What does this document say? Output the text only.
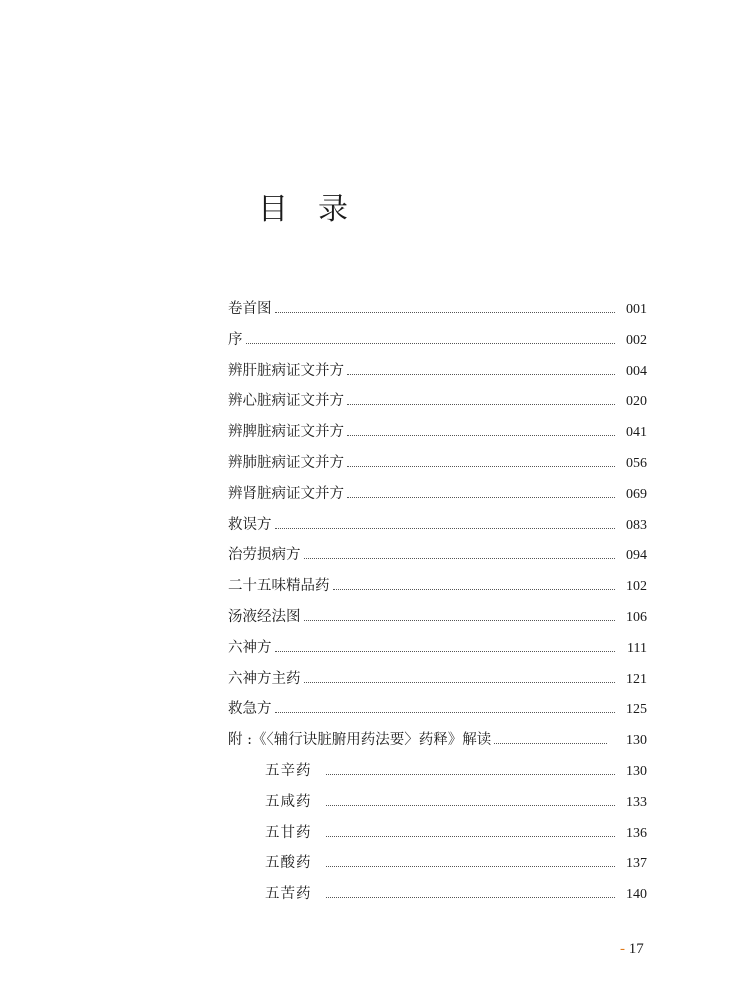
目录
卷首图	001
序	002
辨肝脏病证文并方	004
辨心脏病证文并方	020
辨脾脏病证文并方	041
辨肺脏病证文并方	056
辨肾脏病证文并方	069
救误方	083
治劳损病方	094
二十五味精品药	102
汤液经法图	106
六神方	111
六神方主药	121
救急方	125
附 :《〈辅行诀脏腑用药法要〉药释》解读	130
五辛药	130
五咸药	133
五甘药	136
五酸药	137
五苦药	140
- 17
